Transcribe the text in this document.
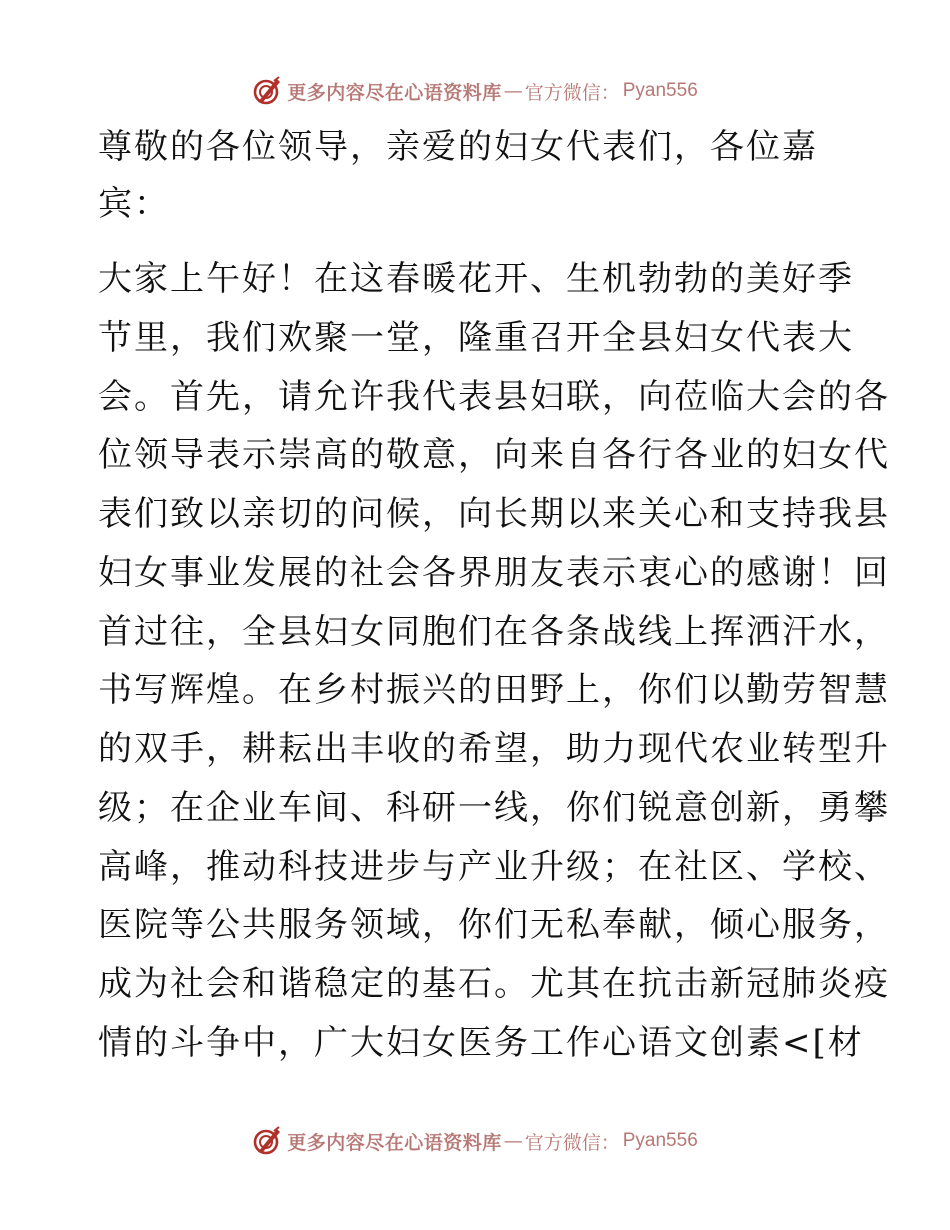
更多内容尽在心语资料库 — 官方微信： Pyan556
尊敬的各位领导，亲爱的妇女代表们，各位嘉
宾：
大家上午好！在这春暖花开、生机勃勃的美好季
节里，我们欢聚一堂，隆重召开全县妇女代表大
会。首先，请允许我代表县妇联，向莅临大会的各
位领导表示崇高的敬意，向来自各行各业的妇女代
表们致以亲切的问候，向长期以来关心和支持我县
妇女事业发展的社会各界朋友表示衷心的感谢！回
首过往，全县妇女同胞们在各条战线上挥洒汗水，
书写辉煌。在乡村振兴的田野上，你们以勤劳智慧
的双手，耕耘出丰收的希望，助力现代农业转型升
级；在企业车间、科研一线，你们锐意创新，勇攀
高峰，推动科技进步与产业升级；在社区、学校、
医院等公共服务领域，你们无私奉献，倾心服务，
成为社会和谐稳定的基石。尤其在抗击新冠肺炎疫
情的斗争中，广大妇女医务工作心语文创素<[材
更多内容尽在心语资料库 — 官方微信： Pyan556
